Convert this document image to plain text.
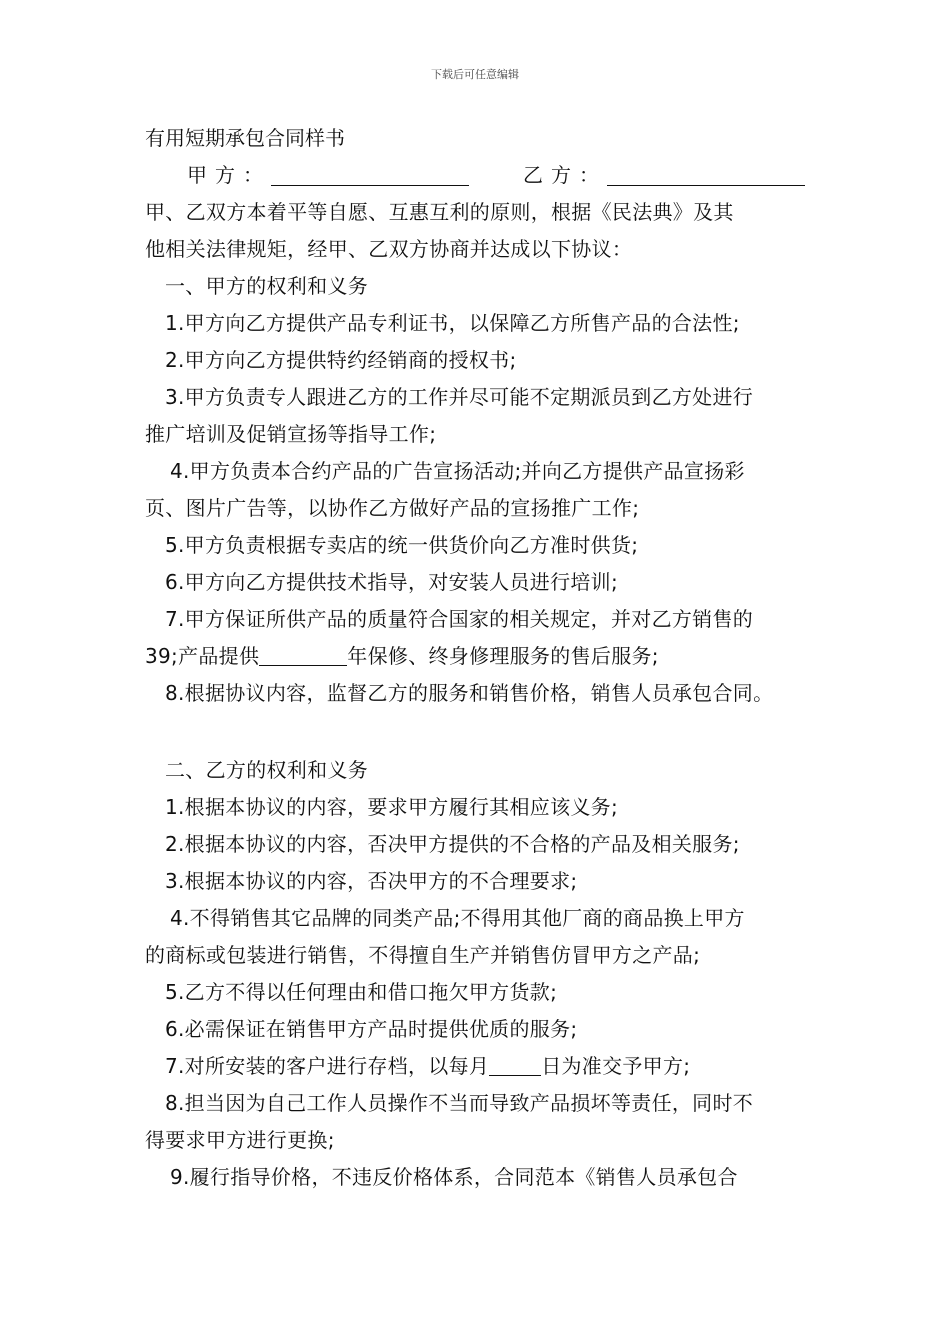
下载后可任意编辑
有用短期承包合同样书
甲方：	乙方：
甲、乙双方本着平等自愿、互惠互利的原则，根据《民法典》及其
他相关法律规矩，经甲、乙双方协商并达成以下协议：
一、甲方的权利和义务
1.甲方向乙方提供产品专利证书，以保障乙方所售产品的合法性;
2.甲方向乙方提供特约经销商的授权书;
3.甲方负责专人跟进乙方的工作并尽可能不定期派员到乙方处进行
推广培训及促销宣扬等指导工作;
4.甲方负责本合约产品的广告宣扬活动;并向乙方提供产品宣扬彩
页、图片广告等，以协作乙方做好产品的宣扬推广工作;
5.甲方负责根据专卖店的统一供货价向乙方准时供货;
6.甲方向乙方提供技术指导，对安装人员进行培训;
7.甲方保证所供产品的质量符合国家的相关规定，并对乙方销售的
39;产品提供	年保修、终身修理服务的售后服务;
8.根据协议内容，监督乙方的服务和销售价格，销售人员承包合同。
二、乙方的权利和义务
1.根据本协议的内容，要求甲方履行其相应该义务;
2.根据本协议的内容，否决甲方提供的不合格的产品及相关服务;
3.根据本协议的内容，否决甲方的不合理要求;
4.不得销售其它品牌的同类产品;不得用其他厂商的商品换上甲方
的商标或包装进行销售，不得擅自生产并销售仿冒甲方之产品;
5.乙方不得以任何理由和借口拖欠甲方货款;
6.必需保证在销售甲方产品时提供优质的服务;
7.对所安装的客户进行存档，以每月	日为准交予甲方;
8.担当因为自己工作人员操作不当而导致产品损坏等责任，同时不
得要求甲方进行更换;
9.履行指导价格，不违反价格体系，合同范本《销售人员承包合
